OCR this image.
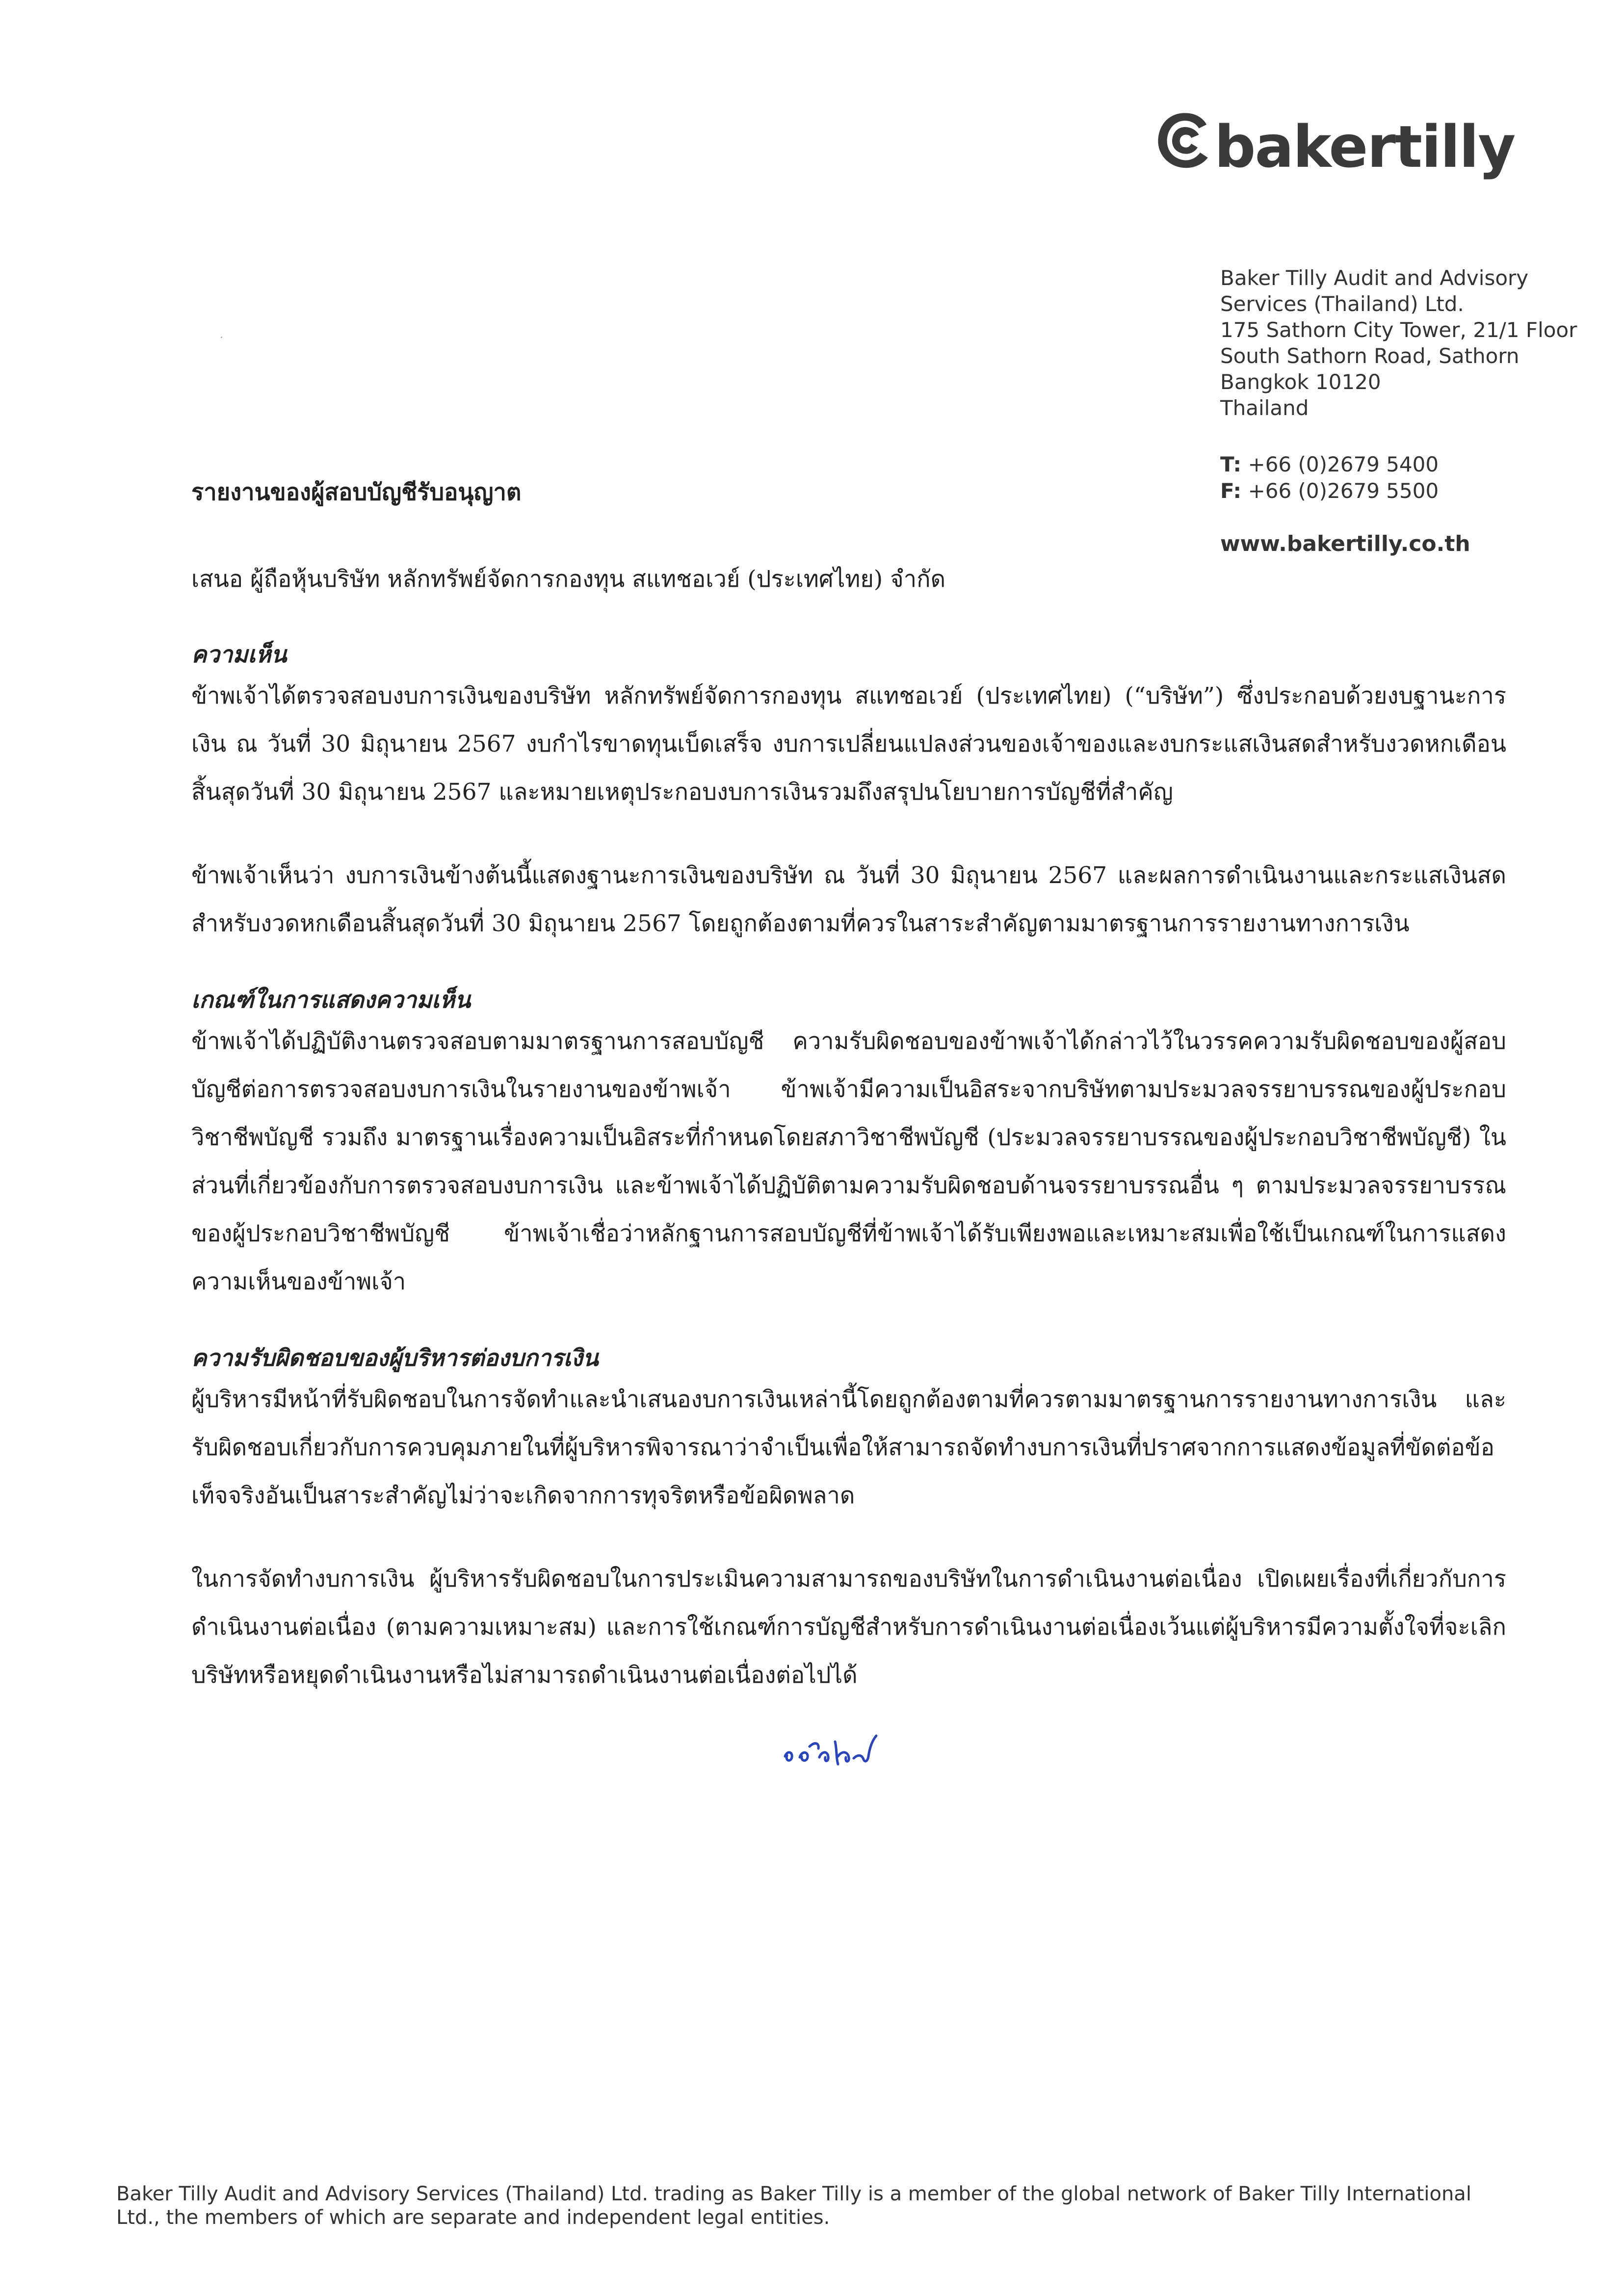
bakertilly
Baker Tilly Audit and Advisory
Services (Thailand) Ltd.
175 Sathorn City Tower, 21/1 Floor
South Sathorn Road, Sathorn
Bangkok 10120
Thailand
T: +66 (0)2679 5400
F: +66 (0)2679 5500
www.bakertilly.co.th
รายงานของผู้สอบบัญชีรับอนุญาต
เสนอ ผู้ถือหุ้นบริษัท หลักทรัพย์จัดการกองทุน สแทชอเวย์ (ประเทศไทย) จำกัด
ความเห็น

ข้าพเจ้าได้ตรวจสอบงบการเงินของบริษัท หลักทรัพย์จัดการกองทุน สแทชอเวย์ (ประเทศไทย) (“บริษัท”) ซึ่งประกอบด้วยงบฐานะการเงิน ณ วันที่ 30 มิถุนายน 2567 งบกำไรขาดทุนเบ็ดเสร็จ งบการเปลี่ยนแปลงส่วนของเจ้าของและงบกระแสเงินสดสำหรับงวดหกเดือนสิ้นสุดวันที่ 30 มิถุนายน 2567 และหมายเหตุประกอบงบการเงินรวมถึงสรุปนโยบายการบัญชีที่สำคัญ

ข้าพเจ้าเห็นว่า งบการเงินข้างต้นนี้แสดงฐานะการเงินของบริษัท ณ วันที่ 30 มิถุนายน 2567 และผลการดำเนินงานและกระแสเงินสดสำหรับงวดหกเดือนสิ้นสุดวันที่ 30 มิถุนายน 2567 โดยถูกต้องตามที่ควรในสาระสำคัญตามมาตรฐานการรายงานทางการเงิน

เกณฑ์ในการแสดงความเห็น

ข้าพเจ้าได้ปฏิบัติงานตรวจสอบตามมาตรฐานการสอบบัญชี ความรับผิดชอบของข้าพเจ้าได้กล่าวไว้ในวรรคความรับผิดชอบของผู้สอบบัญชีต่อการตรวจสอบงบการเงินในรายงานของข้าพเจ้า ข้าพเจ้ามีความเป็นอิสระจากบริษัทตามประมวลจรรยาบรรณของผู้ประกอบวิชาชีพบัญชี รวมถึง มาตรฐานเรื่องความเป็นอิสระที่กำหนดโดยสภาวิชาชีพบัญชี (ประมวลจรรยาบรรณของผู้ประกอบวิชาชีพบัญชี) ในส่วนที่เกี่ยวข้องกับการตรวจสอบงบการเงิน และข้าพเจ้าได้ปฏิบัติตามความรับผิดชอบด้านจรรยาบรรณอื่น ๆ ตามประมวลจรรยาบรรณของผู้ประกอบวิชาชีพบัญชี ข้าพเจ้าเชื่อว่าหลักฐานการสอบบัญชีที่ข้าพเจ้าได้รับเพียงพอและเหมาะสมเพื่อใช้เป็นเกณฑ์ในการแสดงความเห็นของข้าพเจ้า

ความรับผิดชอบของผู้บริหารต่องบการเงิน

ผู้บริหารมีหน้าที่รับผิดชอบในการจัดทำและนำเสนองบการเงินเหล่านี้โดยถูกต้องตามที่ควรตามมาตรฐานการรายงานทางการเงิน และรับผิดชอบเกี่ยวกับการควบคุมภายในที่ผู้บริหารพิจารณาว่าจำเป็นเพื่อให้สามารถจัดทำงบการเงินที่ปราศจากการแสดงข้อมูลที่ขัดต่อข้อเท็จจริงอันเป็นสาระสำคัญไม่ว่าจะเกิดจากการทุจริตหรือข้อผิดพลาด

ในการจัดทำงบการเงิน ผู้บริหารรับผิดชอบในการประเมินความสามารถของบริษัทในการดำเนินงานต่อเนื่อง เปิดเผยเรื่องที่เกี่ยวกับการดำเนินงานต่อเนื่อง (ตามความเหมาะสม) และการใช้เกณฑ์การบัญชีสำหรับการดำเนินงานต่อเนื่องเว้นแต่ผู้บริหารมีความตั้งใจที่จะเลิกบริษัทหรือหยุดดำเนินงานหรือไม่สามารถดำเนินงานต่อเนื่องต่อไปได้

Baker Tilly Audit and Advisory Services (Thailand) Ltd. trading as Baker Tilly is a member of the global network of Baker Tilly International Ltd., the members of which are separate and independent legal entities.
